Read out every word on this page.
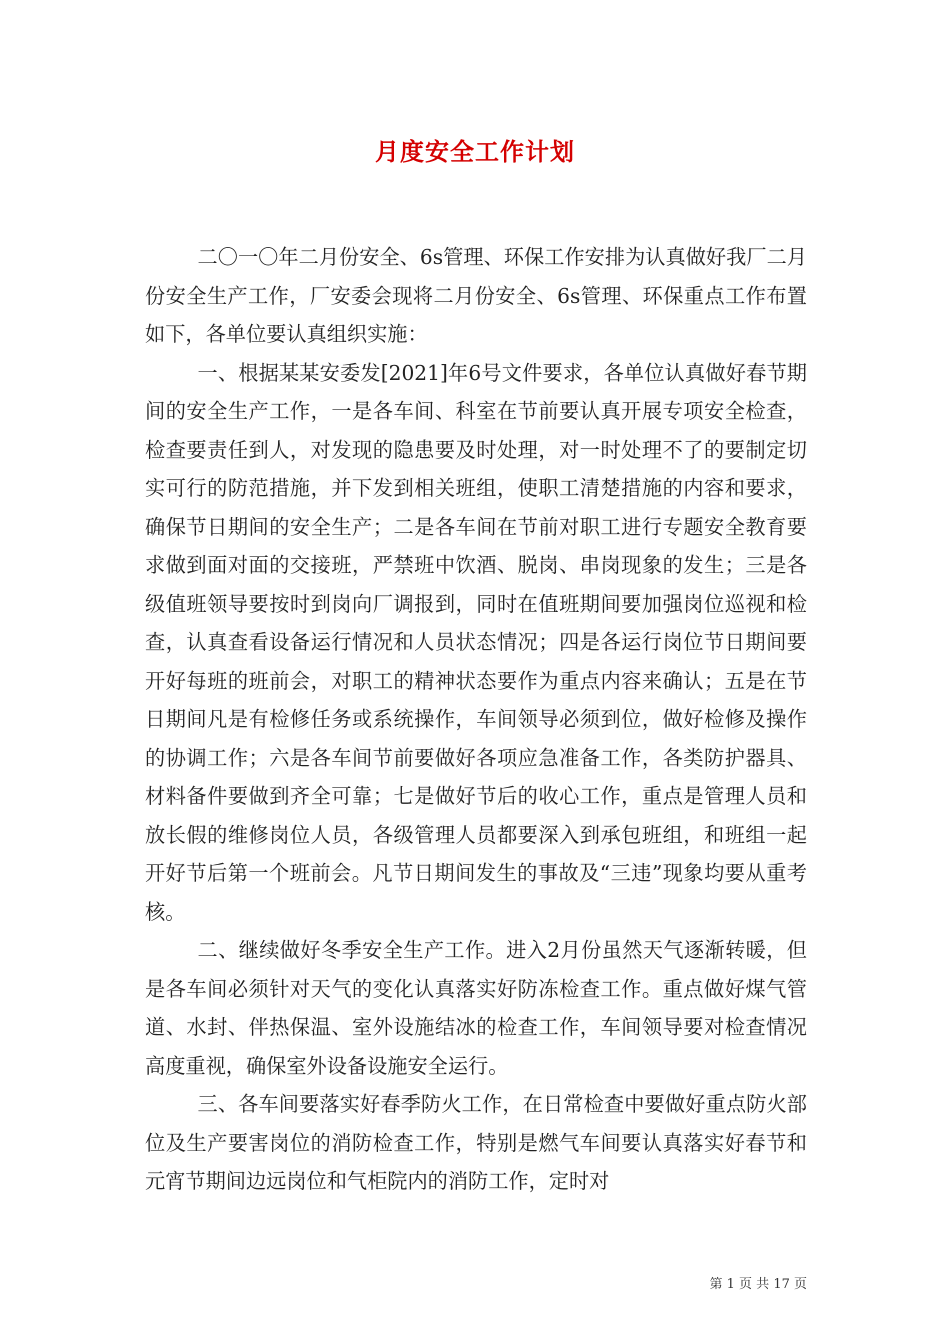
月度安全工作计划

二〇一〇年二月份安全、6s管理、环保工作安排为认真做好我厂二月份安全生产工作，厂安委会现将二月份安全、6s管理、环保重点工作布置如下，各单位要认真组织实施：

一、根据某某安委发[2021]年6号文件要求，各单位认真做好春节期间的安全生产工作，一是各车间、科室在节前要认真开展专项安全检查，检查要责任到人，对发现的隐患要及时处理，对一时处理不了的要制定切实可行的防范措施，并下发到相关班组，使职工清楚措施的内容和要求，确保节日期间的安全生产；二是各车间在节前对职工进行专题安全教育要求做到面对面的交接班，严禁班中饮酒、脱岗、串岗现象的发生；三是各级值班领导要按时到岗向厂调报到，同时在值班期间要加强岗位巡视和检查，认真查看设备运行情况和人员状态情况；四是各运行岗位节日期间要开好每班的班前会，对职工的精神状态要作为重点内容来确认；五是在节日期间凡是有检修任务或系统操作，车间领导必须到位，做好检修及操作的协调工作；六是各车间节前要做好各项应急准备工作，各类防护器具、材料备件要做到齐全可靠；七是做好节后的收心工作，重点是管理人员和放长假的维修岗位人员，各级管理人员都要深入到承包班组，和班组一起开好节后第一个班前会。凡节日期间发生的事故及“三违”现象均要从重考核。

二、继续做好冬季安全生产工作。进入2月份虽然天气逐渐转暖，但是各车间必须针对天气的变化认真落实好防冻检查工作。重点做好煤气管道、水封、伴热保温、室外设施结冰的检查工作，车间领导要对检查情况高度重视，确保室外设备设施安全运行。

三、各车间要落实好春季防火工作，在日常检查中要做好重点防火部位及生产要害岗位的消防检查工作，特别是燃气车间要认真落实好春节和元宵节期间边远岗位和气柜院内的消防工作，定时对

第 1 页 共 17 页
